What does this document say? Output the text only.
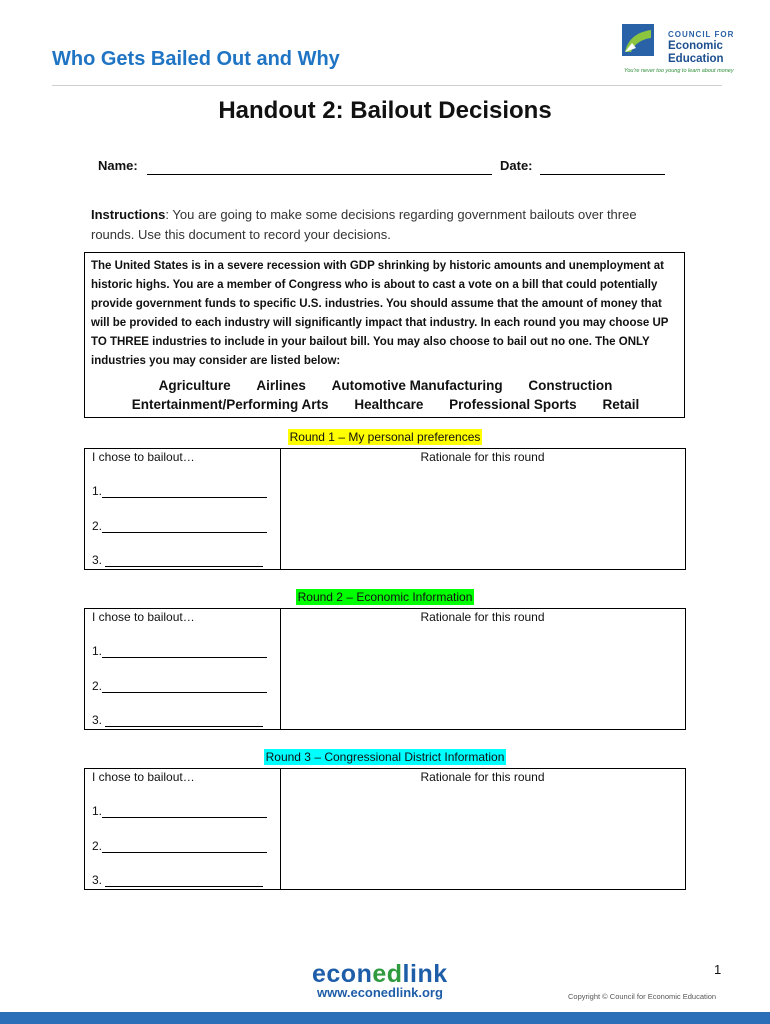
Who Gets Bailed Out and Why
COUNCIL FOR
Economic
Education
You're never too young to learn about money
Handout 2: Bailout Decisions
Name:	Date:
Instructions: You are going to make some decisions regarding government bailouts over three rounds. Use this document to record your decisions.
The United States is in a severe recession with GDP shrinking by historic amounts and unemployment at historic highs. You are a member of Congress who is about to cast a vote on a bill that could potentially provide government funds to specific U.S. industries. You should assume that the amount of money that will be provided to each industry will significantly impact that industry. In each round you may choose UP TO THREE industries to include in your bailout bill. You may also choose to bail out no one. The ONLY industries you may consider are listed below:
Agriculture Airlines Automotive Manufacturing Construction
Entertainment/Performing Arts Healthcare Professional Sports Retail
Round 1 – My personal preferences
I chose to bailout…
1.
2.
3.
Rationale for this round
Round 2 – Economic Information
I chose to bailout…
1.
2.
3.
Rationale for this round
Round 3 – Congressional District Information
I chose to bailout…
1.
2.
3.
Rationale for this round
1
econedlink
www.econedlink.org	Copyright © Council for Economic Education
